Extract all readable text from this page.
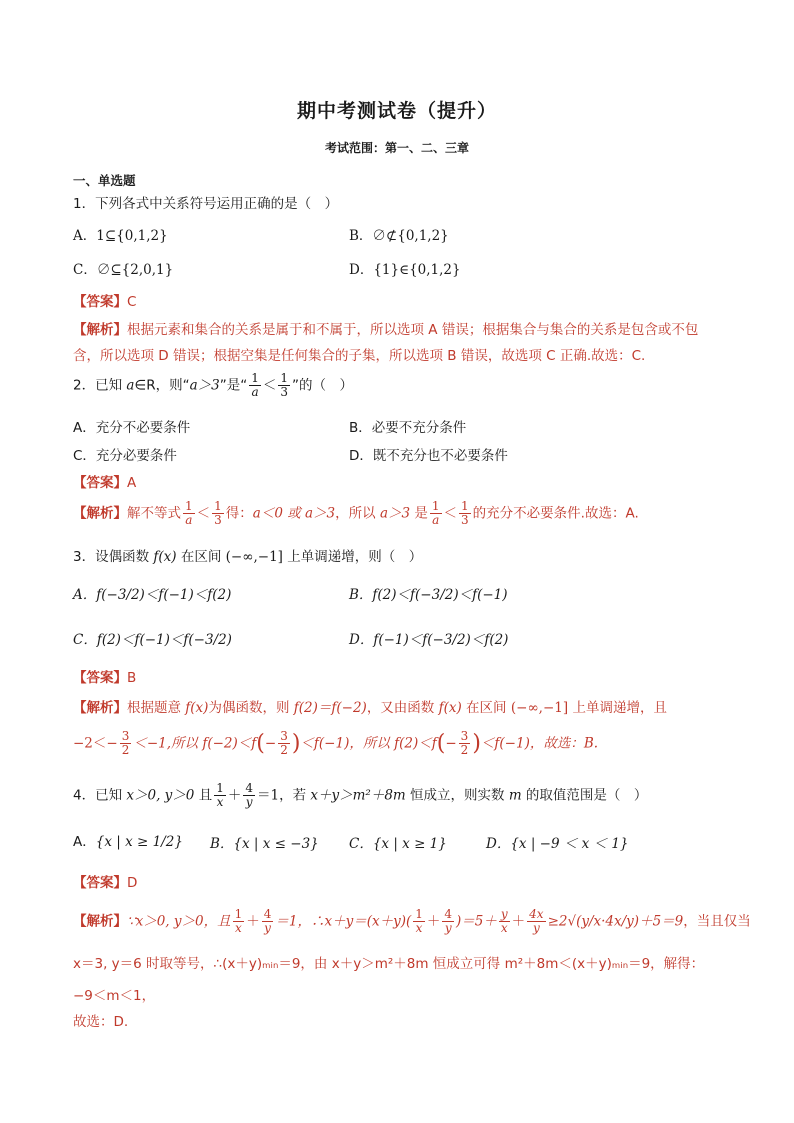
期中考测试卷（提升）
考试范围：第一、二、三章
一、单选题
1．下列各式中关系符号运用正确的是（　）
A．1⊆{0,1,2}	B．∅⊄{0,1,2}
C．∅⊆{2,0,1}	D．{1}∈{0,1,2}
【答案】C
【解析】根据元素和集合的关系是属于和不属于，所以选项 A 错误；根据集合与集合的关系是包含或不包
含，所以选项 D 错误；根据空集是任何集合的子集，所以选项 B 错误，故选项 C 正确.故选：C.
2．已知 a∈R，则“a＞3”是“ $\frac{1}{a} < \frac{1}{3}$ ”的（　）
A．充分不必要条件	B．必要不充分条件
C．充分必要条件	D．既不充分也不必要条件
【答案】A
【解析】解不等式 $\frac{1}{a} < \frac{1}{3}$ 得：a＜0 或 a＞3，所以 a＞3 是 $\frac{1}{a} < \frac{1}{3}$ 的充分不必要条件.故选：A.
3．设偶函数 f(x) 在区间 (−∞,−1] 上单调递增，则（　）
A．f(−3/2)＜f(−1)＜f(2)	B．f(2)＜f(−3/2)＜f(−1)
C．f(2)＜f(−1)＜f(−3/2)	D．f(−1)＜f(−3/2)＜f(2)
【答案】B
【解析】根据题意 f(x)为偶函数，则 f(2)＝f(−2)，又由函数 f(x) 在区间 (−∞,−1] 上单调递增，且
$-2<- \frac{3}{2} <-1$,所以 $f(-2)<f(- \frac{3}{2} )<f(-1)$，所以 $f(2)<f(- \frac{3}{2} )<f(-1)$，故选：B.
4．已知 x＞0, y＞0 且 $\frac{1}{x} + \frac{4}{y} =1$，若 x＋y＞m²＋8m 恒成立，则实数 m 的取值范围是（　）
A．{x | x ≥ 1/2} B．{x | x ≤ −3} C．{x | x ≥ 1}	D．{x | −9 ＜ x ＜ 1}
【答案】D
【解析】∵x＞0, y＞0，且 $\frac{1}{x} + \frac{4}{y} =1$，∴x＋y＝(x＋y)( $\frac{1}{x} + \frac{4}{y} )=5+ \frac{y}{x} + \frac{4x}{y} \ge 2√(y/x\cdot 4x/y)+5=9$，当且仅当
x＝3, y＝6 时取等号，∴(x＋y)ₘᵢₙ＝9，由 x＋y＞m²＋8m 恒成立可得 m²＋8m＜(x＋y)ₘᵢₙ＝9，解得：
−9＜m＜1，
故选：D.
